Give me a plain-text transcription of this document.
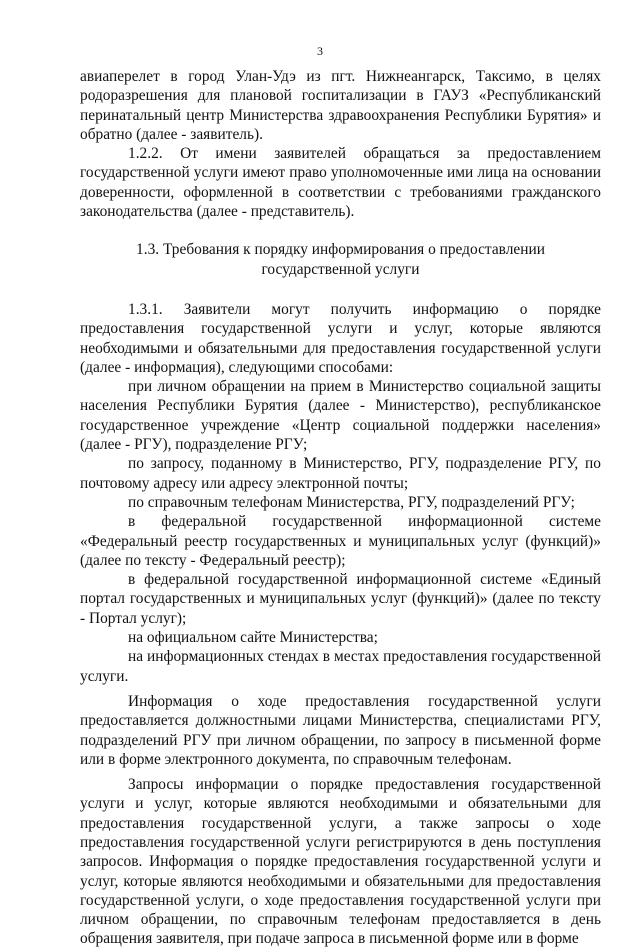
3

авиаперелет в город Улан-Удэ из пгт. Нижнеангарск, Таксимо, в целях родоразрешения для плановой госпитализации в ГАУЗ «Республиканский перинатальный центр Министерства здравоохранения Республики Бурятия» и обратно (далее - заявитель).

1.2.2. От имени заявителей обращаться за предоставлением государственной услуги имеют право уполномоченные ими лица на основании доверенности, оформленной в соответствии с требованиями гражданского законодательства (далее - представитель).

1.3. Требования к порядку информирования о предоставлении государственной услуги

1.3.1. Заявители могут получить информацию о порядке предоставления государственной услуги и услуг, которые являются необходимыми и обязательными для предоставления государственной услуги (далее - информация), следующими способами:

при личном обращении на прием в Министерство социальной защиты населения Республики Бурятия (далее - Министерство), республиканское государственное учреждение «Центр социальной поддержки населения» (далее - РГУ), подразделение РГУ;

по запросу, поданному в Министерство, РГУ, подразделение РГУ, по почтовому адресу или адресу электронной почты;

по справочным телефонам Министерства, РГУ, подразделений РГУ;

в федеральной государственной информационной системе «Федеральный реестр государственных и муниципальных услуг (функций)» (далее по тексту - Федеральный реестр);

в федеральной государственной информационной системе «Единый портал государственных и муниципальных услуг (функций)» (далее по тексту - Портал услуг);

на официальном сайте Министерства;

на информационных стендах в местах предоставления государственной услуги.

Информация о ходе предоставления государственной услуги предоставляется должностными лицами Министерства, специалистами РГУ, подразделений РГУ при личном обращении, по запросу в письменной форме или в форме электронного документа, по справочным телефонам.

Запросы информации о порядке предоставления государственной услуги и услуг, которые являются необходимыми и обязательными для предоставления государственной услуги, а также запросы о ходе предоставления государственной услуги регистрируются в день поступления запросов. Информация о порядке предоставления государственной услуги и услуг, которые являются необходимыми и обязательными для предоставления государственной услуги, о ходе предоставления государственной услуги при личном обращении, по справочным телефонам предоставляется в день обращения заявителя, при подаче запроса в письменной форме или в форме
